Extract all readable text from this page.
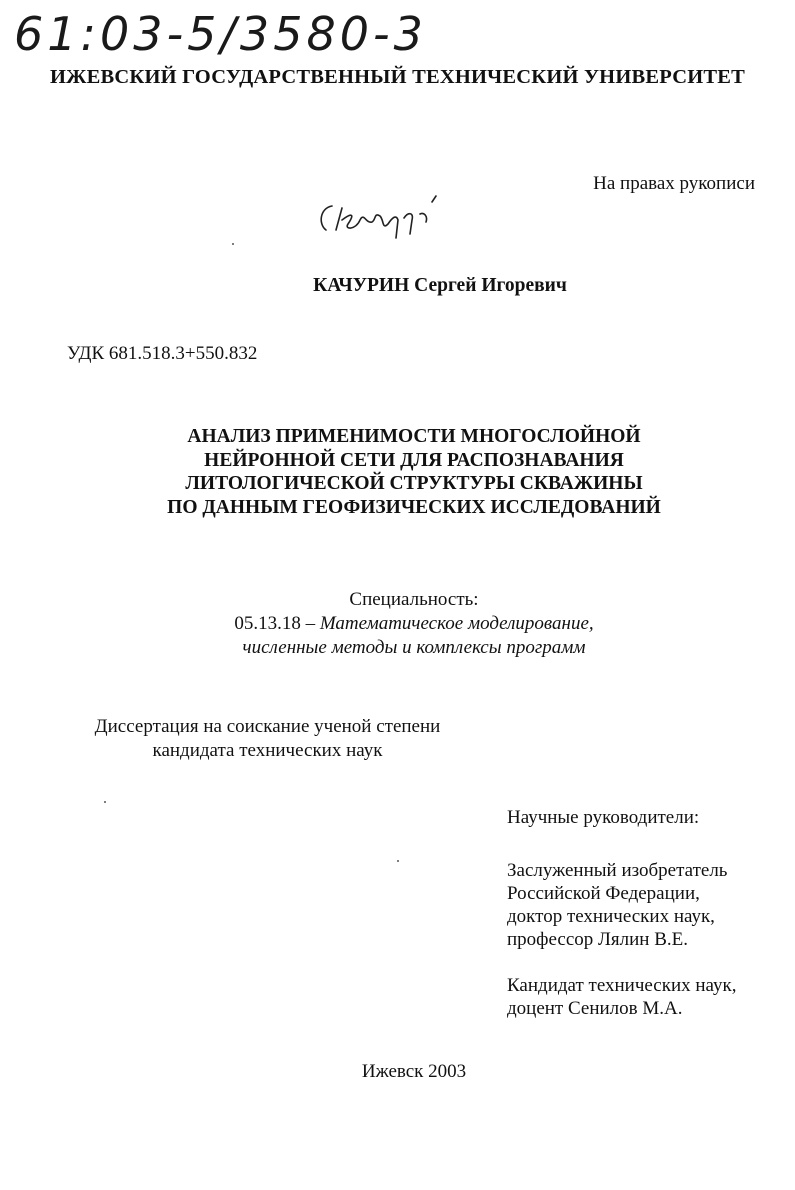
61:03-5/3580-3
ИЖЕВСКИЙ ГОСУДАРСТВЕННЫЙ ТЕХНИЧЕСКИЙ УНИВЕРСИТЕТ
На правах рукописи
КАЧУРИН Сергей Игоревич
УДК 681.518.3+550.832
АНАЛИЗ ПРИМЕНИМОСТИ МНОГОСЛОЙНОЙ
НЕЙРОННОЙ СЕТИ ДЛЯ РАСПОЗНАВАНИЯ
ЛИТОЛОГИЧЕСКОЙ СТРУКТУРЫ СКВАЖИНЫ
ПО ДАННЫМ ГЕОФИЗИЧЕСКИХ ИССЛЕДОВАНИЙ
Специальность:
05.13.18 – Математическое моделирование,
численные методы и комплексы программ
Диссертация на соискание ученой степени
кандидата технических наук
Научные руководители:
Заслуженный изобретатель
Российской Федерации,
доктор технических наук,
профессор Лялин В.Е.
Кандидат технических наук,
доцент Сенилов М.А.
Ижевск 2003
